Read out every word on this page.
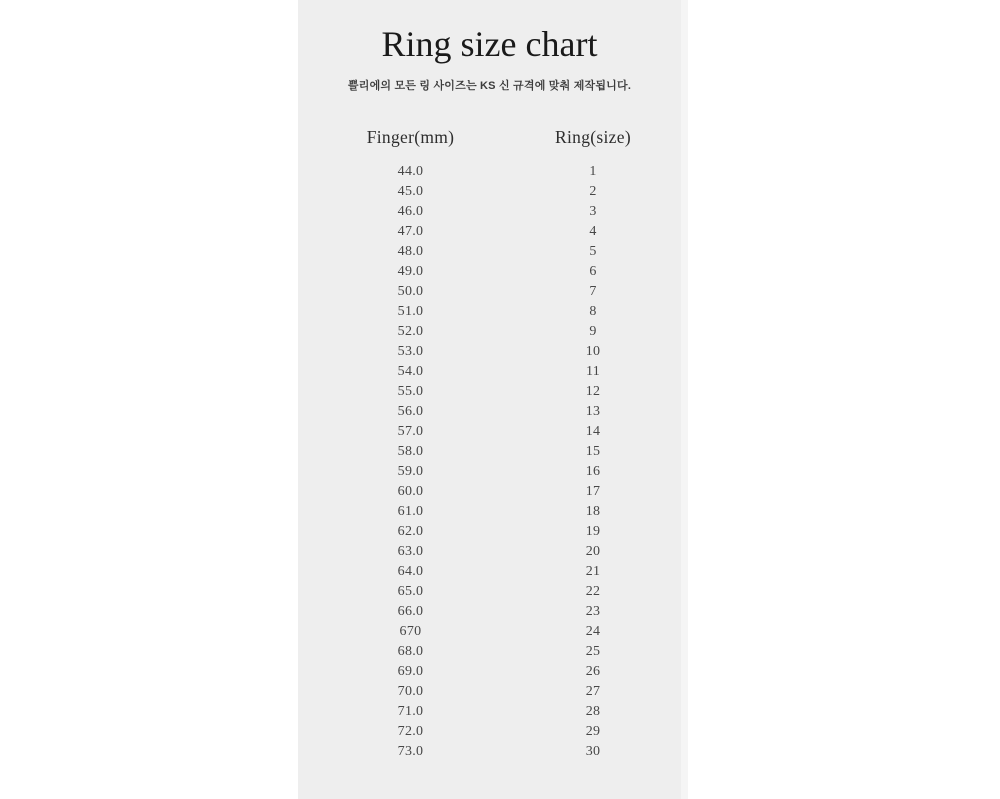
Ring size chart
쁠리에의 모든 링 사이즈는 KS 신 규격에 맞춰 제작됩니다.
Finger(mm)	Ring(size)
44.0	1
45.0	2
46.0	3
47.0	4
48.0	5
49.0	6
50.0	7
51.0	8
52.0	9
53.0	10
54.0	11
55.0	12
56.0	13
57.0	14
58.0	15
59.0	16
60.0	17
61.0	18
62.0	19
63.0	20
64.0	21
65.0	22
66.0	23
670	24
68.0	25
69.0	26
70.0	27
71.0	28
72.0	29
73.0	30
